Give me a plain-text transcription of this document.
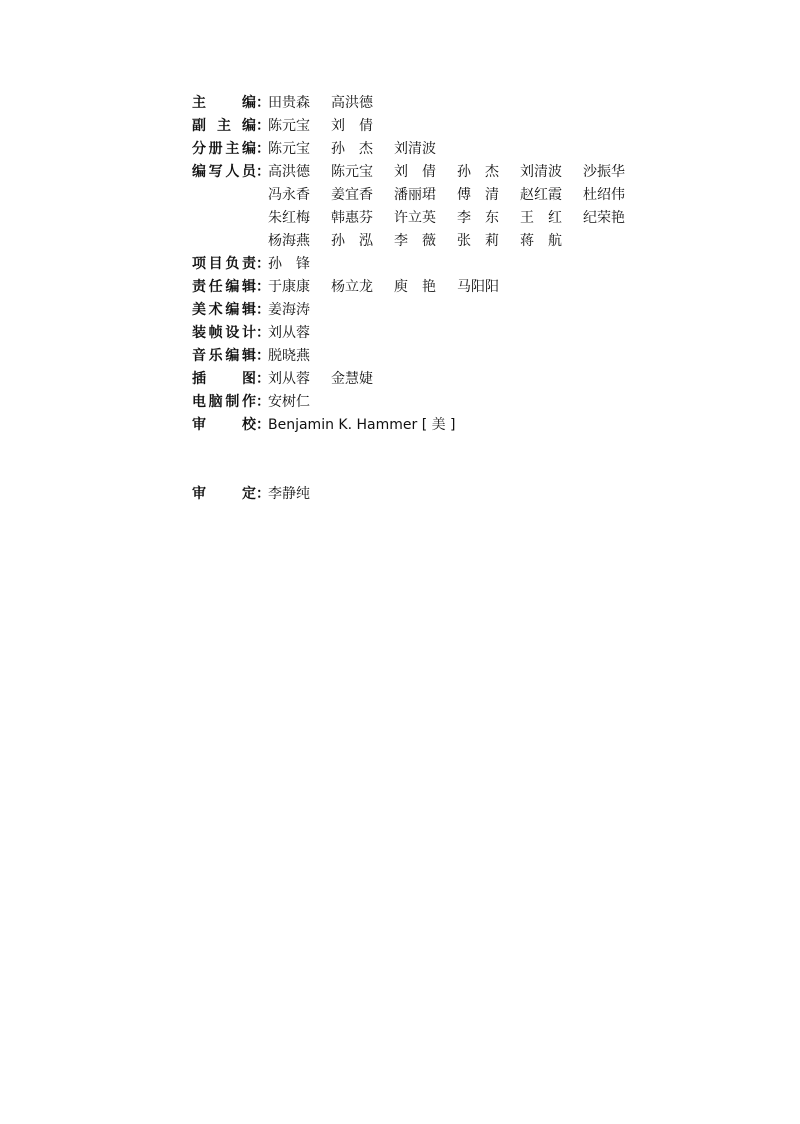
主	编 ：
田贵森	高洪德
副 主 编 ：
陈元宝	刘　倩
分 册 主 编 ：
陈元宝	孙　杰	刘清波
编 写 人 员 ：
高洪德	陈元宝	刘　倩	孙　杰	刘清波	沙振华
冯永香	姜宜香	潘丽珺	傅　清	赵红霞	杜绍伟
朱红梅	韩惠芬	许立英	李　东	王　红	纪荣艳
杨海燕	孙　泓	李　薇	张　莉	蒋　航
项 目 负 责 ：
孙　锋
责 任 编 辑 ：
于康康	杨立龙	庾　艳	马阳阳
美 术 编 辑 ：
姜海涛
装 帧 设 计 ：
刘从蓉
音 乐 编 辑 ：
脱晓燕
插	图 ：
刘从蓉	金慧婕
电 脑 制 作 ：
安树仁
审	校 ：
Benjamin K. Hammer [ 美 ]
审	定 ：
李静纯
